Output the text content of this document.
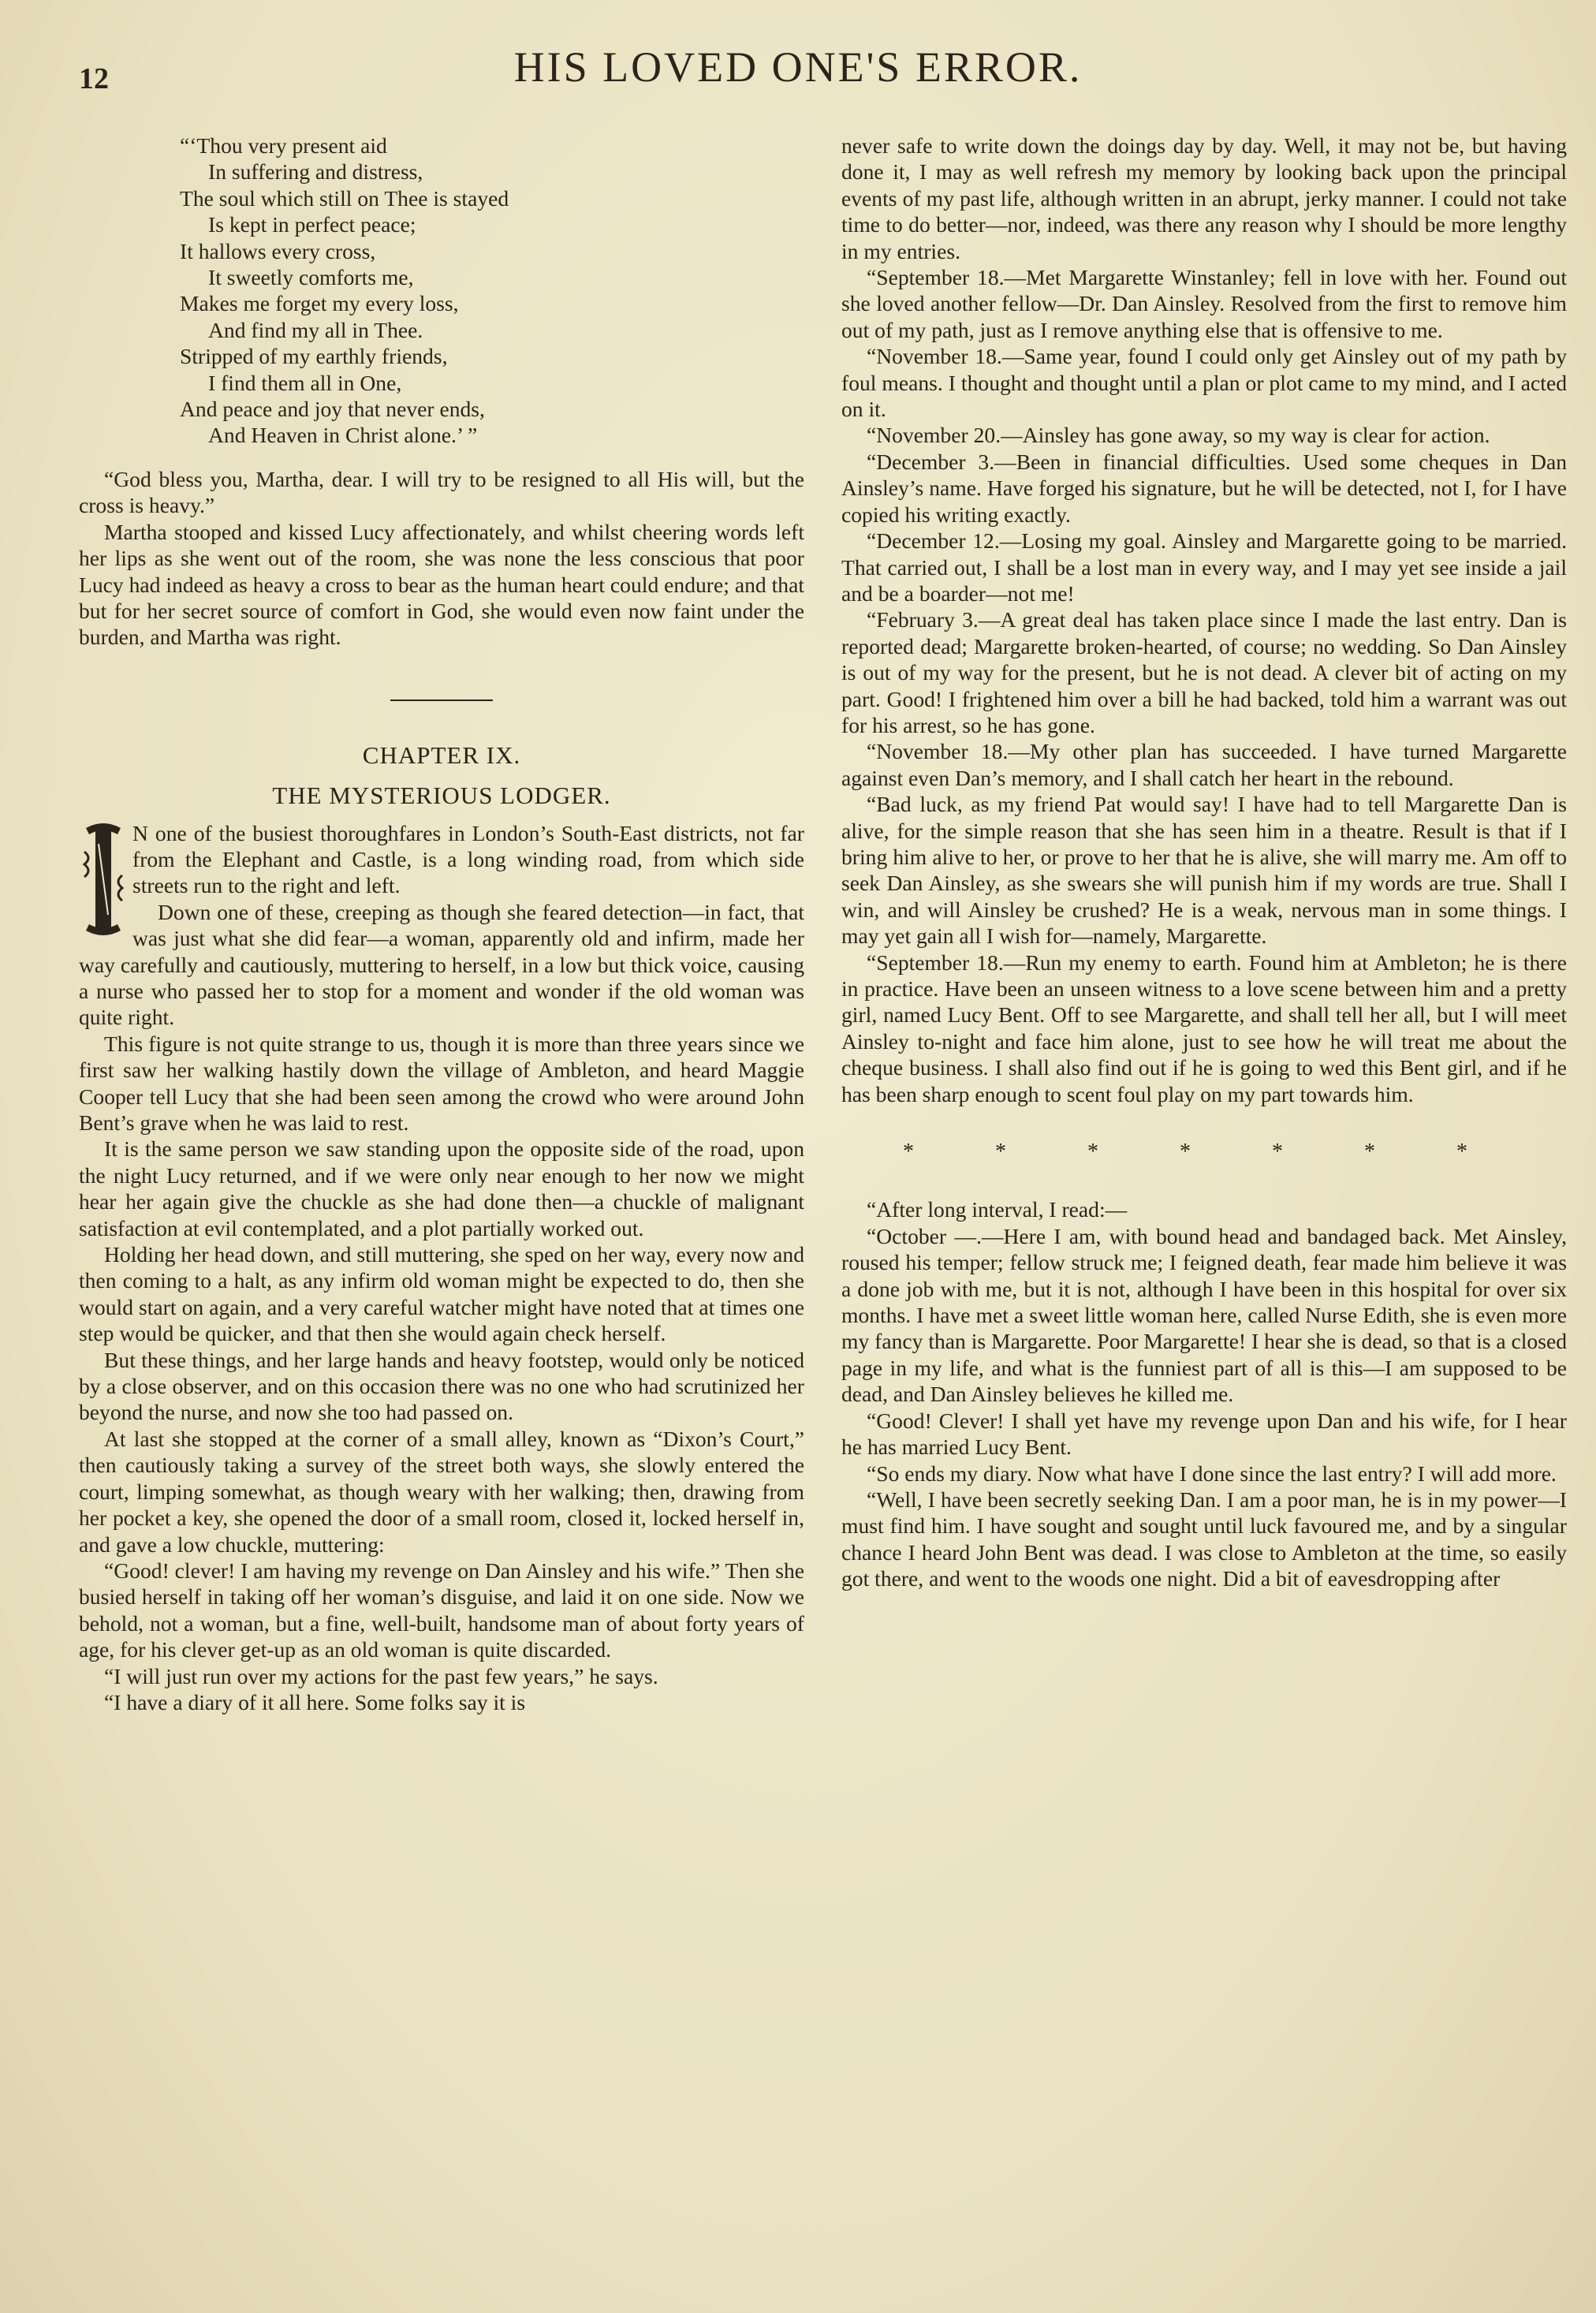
12	HIS LOVED ONE'S ERROR.
“‘Thou very present aid
In suffering and distress,
The soul which still on Thee is stayed
Is kept in perfect peace;
It hallows every cross,
It sweetly comforts me,
Makes me forget my every loss,
And find my all in Thee.
Stripped of my earthly friends,
I find them all in One,
And peace and joy that never ends,
And Heaven in Christ alone.’ ”

“God bless you, Martha, dear. I will try to be resigned to all His will, but the cross is heavy.”

Martha stooped and kissed Lucy affectionately, and whilst cheering words left her lips as she went out of the room, she was none the less conscious that poor Lucy had indeed as heavy a cross to bear as the human heart could endure; and that but for her secret source of comfort in God, she would even now faint under the burden, and Martha was right.

CHAPTER IX.
THE MYSTERIOUS LODGER.
I

N one of the busiest thoroughfares in London’s South-East districts, not far from the Elephant and Castle, is a long winding road, from which side streets run to the right and left.

Down one of these, creeping as though she feared detection—in fact, that was just what she did fear—a woman, apparently old and infirm, made her way carefully and cautiously, muttering to herself, in a low but thick voice, causing a nurse who passed her to stop for a moment and wonder if the old woman was quite right.

This figure is not quite strange to us, though it is more than three years since we first saw her walking hastily down the village of Ambleton, and heard Maggie Cooper tell Lucy that she had been seen among the crowd who were around John Bent’s grave when he was laid to rest.

It is the same person we saw standing upon the opposite side of the road, upon the night Lucy returned, and if we were only near enough to her now we might hear her again give the chuckle as she had done then—a chuckle of malignant satisfaction at evil contemplated, and a plot partially worked out.

Holding her head down, and still muttering, she sped on her way, every now and then coming to a halt, as any infirm old woman might be expected to do, then she would start on again, and a very careful watcher might have noted that at times one step would be quicker, and that then she would again check herself.

But these things, and her large hands and heavy footstep, would only be noticed by a close observer, and on this occasion there was no one who had scrutinized her beyond the nurse, and now she too had passed on.

At last she stopped at the corner of a small alley, known as “Dixon’s Court,” then cautiously taking a survey of the street both ways, she slowly entered the court, limping somewhat, as though weary with her walking; then, drawing from her pocket a key, she opened the door of a small room, closed it, locked herself in, and gave a low chuckle, muttering:

“Good! clever! I am having my revenge on Dan Ainsley and his wife.” Then she busied herself in taking off her woman’s disguise, and laid it on one side. Now we behold, not a woman, but a fine, well-built, handsome man of about forty years of age, for his clever get-up as an old woman is quite discarded.

“I will just run over my actions for the past few years,” he says.

“I have a diary of it all here. Some folks say it is

never safe to write down the doings day by day. Well, it may not be, but having done it, I may as well refresh my memory by looking back upon the principal events of my past life, although written in an abrupt, jerky manner. I could not take time to do better—nor, indeed, was there any reason why I should be more lengthy in my entries.

“September 18.—Met Margarette Winstanley; fell in love with her. Found out she loved another fellow—Dr. Dan Ainsley. Resolved from the first to remove him out of my path, just as I remove anything else that is offensive to me.

“November 18.—Same year, found I could only get Ainsley out of my path by foul means. I thought and thought until a plan or plot came to my mind, and I acted on it.

“November 20.—Ainsley has gone away, so my way is clear for action.

“December 3.—Been in financial difficulties. Used some cheques in Dan Ainsley’s name. Have forged his signature, but he will be detected, not I, for I have copied his writing exactly.

“December 12.—Losing my goal. Ainsley and Margarette going to be married. That carried out, I shall be a lost man in every way, and I may yet see inside a jail and be a boarder—not me!

“February 3.—A great deal has taken place since I made the last entry. Dan is reported dead; Margarette broken-hearted, of course; no wedding. So Dan Ainsley is out of my way for the present, but he is not dead. A clever bit of acting on my part. Good! I frightened him over a bill he had backed, told him a warrant was out for his arrest, so he has gone.

“November 18.—My other plan has succeeded. I have turned Margarette against even Dan’s memory, and I shall catch her heart in the rebound.

“Bad luck, as my friend Pat would say! I have had to tell Margarette Dan is alive, for the simple reason that she has seen him in a theatre. Result is that if I bring him alive to her, or prove to her that he is alive, she will marry me. Am off to seek Dan Ainsley, as she swears she will punish him if my words are true. Shall I win, and will Ainsley be crushed? He is a weak, nervous man in some things. I may yet gain all I wish for—namely, Margarette.

“September 18.—Run my enemy to earth. Found him at Ambleton; he is there in practice. Have been an unseen witness to a love scene between him and a pretty girl, named Lucy Bent. Off to see Margarette, and shall tell her all, but I will meet Ainsley to-night and face him alone, just to see how he will treat me about the cheque business. I shall also find out if he is going to wed this Bent girl, and if he has been sharp enough to scent foul play on my part towards him.

* * * * * * *

“After long interval, I read:—

“October —.—Here I am, with bound head and bandaged back. Met Ainsley, roused his temper; fellow struck me; I feigned death, fear made him believe it was a done job with me, but it is not, although I have been in this hospital for over six months. I have met a sweet little woman here, called Nurse Edith, she is even more my fancy than is Margarette. Poor Margarette! I hear she is dead, so that is a closed page in my life, and what is the funniest part of all is this—I am supposed to be dead, and Dan Ainsley believes he killed me.

“Good! Clever! I shall yet have my revenge upon Dan and his wife, for I hear he has married Lucy Bent.

“So ends my diary. Now what have I done since the last entry? I will add more.

“Well, I have been secretly seeking Dan. I am a poor man, he is in my power—I must find him. I have sought and sought until luck favoured me, and by a singular chance I heard John Bent was dead. I was close to Ambleton at the time, so easily got there, and went to the woods one night. Did a bit of eavesdropping after
